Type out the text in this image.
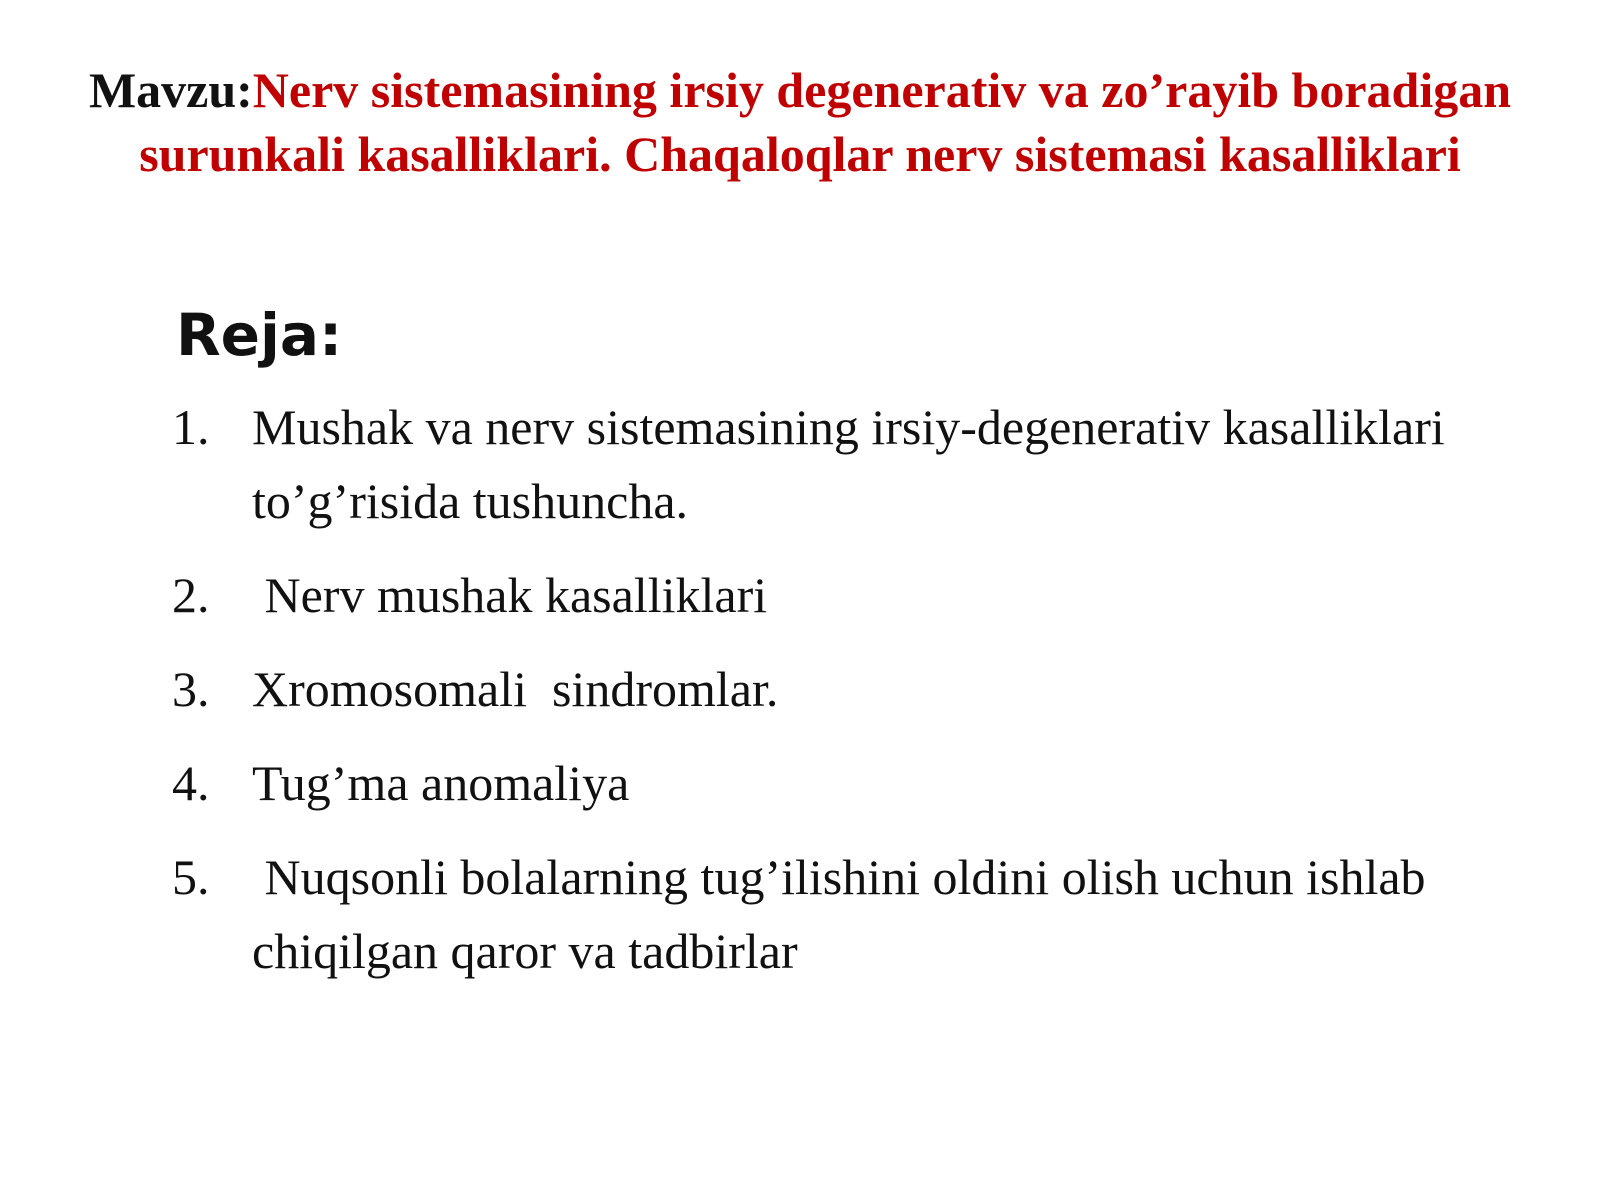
Mavzu:Nerv sistemasining irsiy degenerativ va zo’rayib boradigan surunkali kasalliklari. Chaqaloqlar nerv sistemasi kasalliklari
Reja:
1. Mushak va nerv sistemasining irsiy-degenerativ kasalliklari to’g’risida tushuncha.
2. Nerv mushak kasalliklari
3. Xromosomali  sindromlar.
4. Tug’ma anomaliya
5. Nuqsonli bolalarning tug’ilishini oldini olish uchun ishlab chiqilgan qaror va tadbirlar
